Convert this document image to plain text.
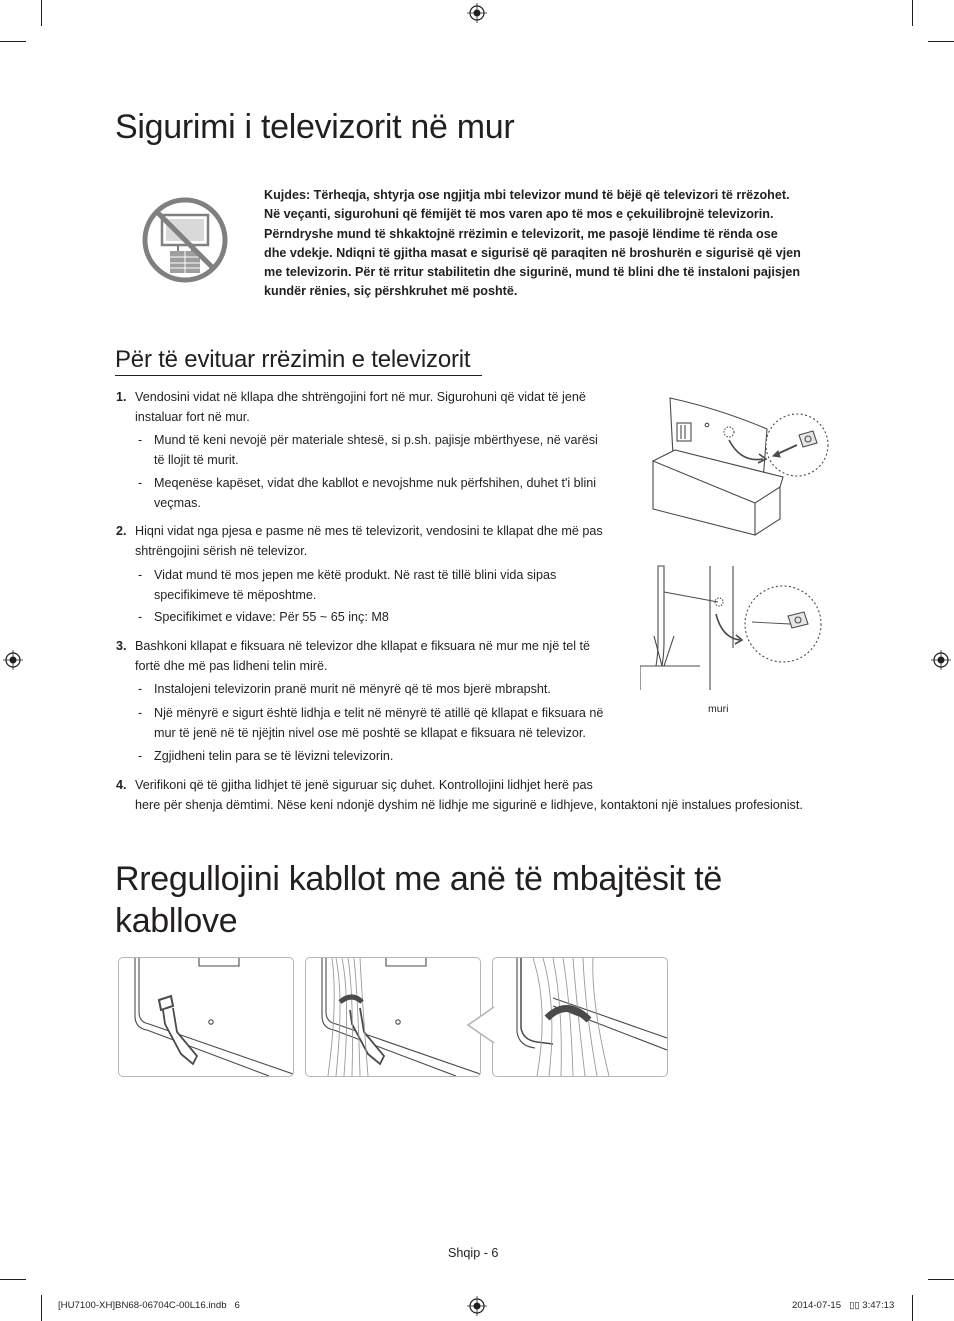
Sigurimi i televizorit në mur
Kujdes: Tërheqja, shtyrja ose ngjitja mbi televizor mund të bëjë që televizori të rrëzohet.
Në veçanti, sigurohuni që fëmijët të mos varen apo të mos e çekuilibrojnë televizorin.
Përndryshe mund të shkaktojnë rrëzimin e televizorit, me pasojë lëndime të rënda ose
dhe vdekje. Ndiqni të gjitha masat e sigurisë që paraqiten në broshurën e sigurisë që vjen
me televizorin. Për të rritur stabilitetin dhe sigurinë, mund të blini dhe të instaloni pajisjen
kundër rënies, siç përshkruhet më poshtë.
Për të evituar rrëzimin e televizorit
1. Vendosini vidat në kllapa dhe shtrëngojini fort në mur. Sigurohuni që vidat të jenë
instaluar fort në mur.
- Mund të keni nevojë për materiale shtesë, si p.sh. pajisje mbërthyese, në varësi
të llojit të murit.
- Meqenëse kapëset, vidat dhe kabllot e nevojshme nuk përfshihen, duhet t'i blini
veçmas.
2. Hiqni vidat nga pjesa e pasme në mes të televizorit, vendosini te kllapat dhe më pas
shtrëngojini sërish në televizor.
- Vidat mund të mos jepen me këtë produkt. Në rast të tillë blini vida sipas
specifikimeve të mëposhtme.
- Specifikimet e vidave: Për 55 ~ 65 inç: M8
3. Bashkoni kllapat e fiksuara në televizor dhe kllapat e fiksuara në mur me një tel të
fortë dhe më pas lidheni telin mirë.
- Instalojeni televizorin pranë murit në mënyrë që të mos bjerë mbrapsht.
- Një mënyrë e sigurt është lidhja e telit në mënyrë të atillë që kllapat e fiksuara në
mur të jenë në të njëjtin nivel ose më poshtë se kllapat e fiksuara në televizor.
- Zgjidheni telin para se të lëvizni televizorin.
4. Verifikoni që të gjitha lidhjet të jenë siguruar siç duhet. Kontrollojini lidhjet herë pas
here për shenja dëmtimi. Nëse keni ndonjë dyshim në lidhje me sigurinë e lidhjeve, kontaktoni një instalues profesionist.
muri
Rregullojini kabllot me anë të mbajtësit të
kabllove
Shqip - 6
[HU7100-XH]BN68-06704C-00L16.indb   6	2014-07-15   ▯▯ 3:47:13
